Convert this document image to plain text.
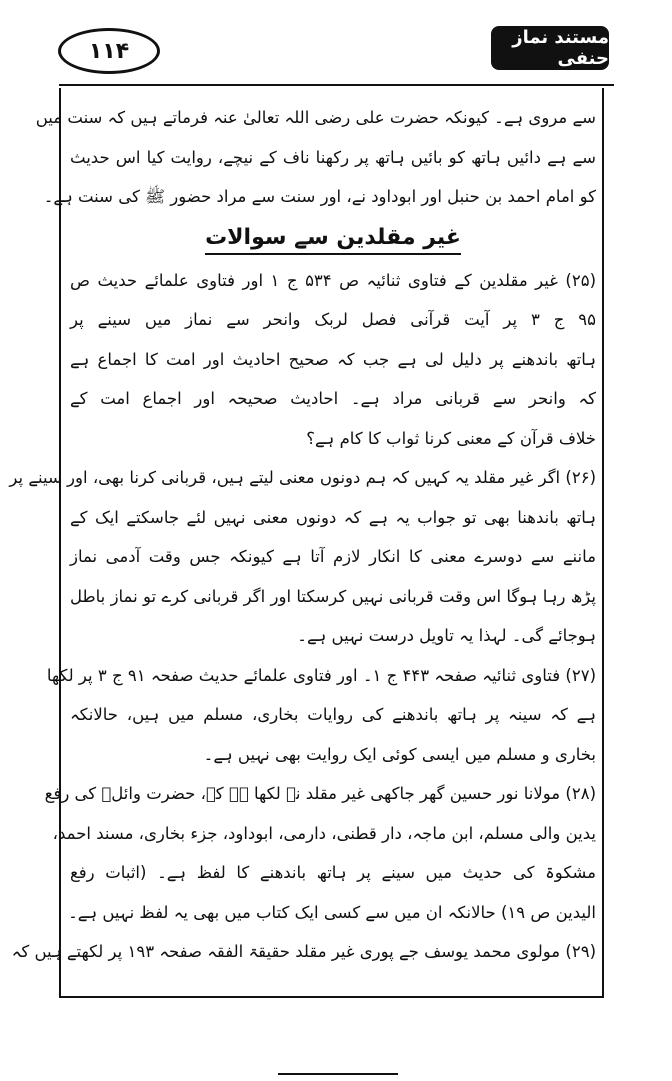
١١۴
مستند نماز حنفی
سے مروی ہے۔ کیونکہ حضرت علی رضی اللہ تعالیٰ عنہ فرماتے ہیں کہ سنت میں
سے ہے دائیں ہاتھ کو بائیں ہاتھ پر رکھنا ناف کے نیچے، روایت کیا اس حدیث
کو امام احمد بن حنبل اور ابوداود نے، اور سنت سے مراد حضور ﷺ کی سنت ہے۔
غیر مقلدین سے سوالات
(۲۵) غیر مقلدین کے فتاوی ثنائیہ ص ۵۳۴ ج ۱ اور فتاوی علمائے حدیث ص
۹۵ ج ۳ پر آیت قرآنی فصل لربک وانحر سے نماز میں سینے پر
ہاتھ باندھنے پر دلیل لی ہے جب کہ صحیح احادیث اور امت کا اجماع ہے
کہ وانحر سے قربانی مراد ہے۔ احادیث صحیحہ اور اجماع امت کے
خلاف قرآن کے معنی کرنا ثواب کا کام ہے؟
(۲۶) اگر غیر مقلد یہ کہیں کہ ہم دونوں معنی لیتے ہیں، قربانی کرنا بھی، اور سینے پر
ہاتھ باندھنا بھی تو جواب یہ ہے کہ دونوں معنی نہیں لئے جاسکتے ایک کے
ماننے سے دوسرے معنی کا انکار لازم آتا ہے کیونکہ جس وقت آدمی نماز
پڑھ رہا ہوگا اس وقت قربانی نہیں کرسکتا اور اگر قربانی کرے تو نماز باطل
ہوجائے گی۔ لہذا یہ تاویل درست نہیں ہے۔
(۲۷) فتاوی ثنائیہ صفحہ ۴۴۳ ج ۱۔ اور فتاوی علمائے حدیث صفحہ ۹۱ ج ۳ پر لکھا
ہے کہ سینہ پر ہاتھ باندھنے کی روایات بخاری، مسلم میں ہیں، حالانکہ
بخاری و مسلم میں ایسی کوئی ایک روایت بھی نہیں ہے۔
(۲۸) مولانا نور حسین گھر جاکھی غیر مقلد نے لکھا ہے کہ، حضرت وائلؓ کی رفع
یدین والی مسلم، ابن ماجہ، دار قطنی، دارمی، ابوداود، جزء بخاری، مسند احمد،
مشکوۃ کی حدیث میں سینے پر ہاتھ باندھنے کا لفظ ہے۔ (اثبات رفع
الیدین ص ۱۹) حالانکہ ان میں سے کسی ایک کتاب میں بھی یہ لفظ نہیں ہے۔
(۲۹) مولوی محمد یوسف جے پوری غیر مقلد حقیقۃ الفقہ صفحہ ۱۹۳ پر لکھتے ہیں کہ
